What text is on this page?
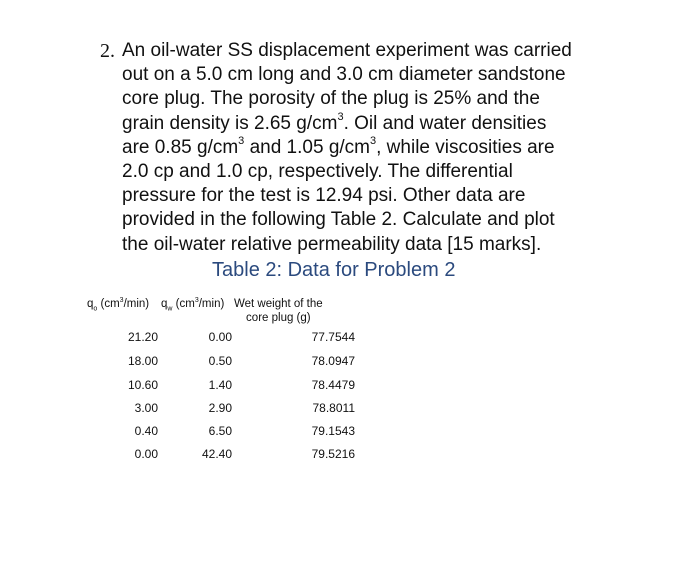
2. An oil-water SS displacement experiment was carried
out on a 5.0 cm long and 3.0 cm diameter sandstone
core plug. The porosity of the plug is 25% and the
grain density is 2.65 $g/cm^3$. Oil and water densities
are 0.85 $g/cm^3$ and 1.05 $g/cm^3$, while viscosities are
2.0 cp and 1.0 cp, respectively. The differential
pressure for the test is 12.94 psi. Other data are
provided in the following Table 2. Calculate and plot
the oil-water relative permeability data [15 marks].
Table 2: Data for Problem 2
$q_o$ $(cm^3/\min)$ $q_w$ $(cm^3/\min)$ Wet weight of the
core plug (g)
21.20	0.00	77.7544
18.00	0.50	78.0947
10.60	1.40	78.4479
3.00	2.90	78.8011
0.40	6.50	79.1543
0.00	42.40	79.5216
